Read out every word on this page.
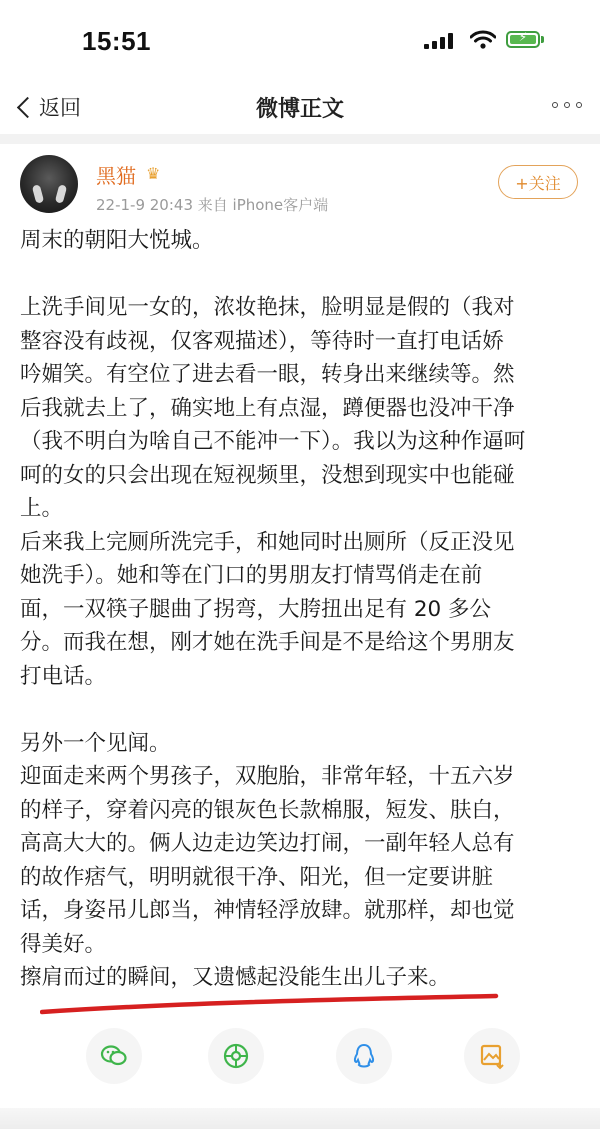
15:51	⚡
返回	微博正文
黑猫 ♛
22-1-9 20:43 来自 iPhone客户端
+关注

周末的朝阳大悦城。

上洗手间见一女的，浓妆艳抹，脸明显是假的（我对

整容没有歧视，仅客观描述），等待时一直打电话娇

吟媚笑。有空位了进去看一眼，转身出来继续等。然

后我就去上了，确实地上有点湿，蹲便器也没冲干净

（我不明白为啥自己不能冲一下）。我以为这种作逼呵

呵的女的只会出现在短视频里，没想到现实中也能碰

上。

后来我上完厕所洗完手，和她同时出厕所（反正没见

她洗手）。她和等在门口的男朋友打情骂俏走在前

面，一双筷子腿曲了拐弯，大胯扭出足有 20 多公

分。而我在想，刚才她在洗手间是不是给这个男朋友

打电话。

另外一个见闻。

迎面走来两个男孩子，双胞胎，非常年轻，十五六岁

的样子，穿着闪亮的银灰色长款棉服，短发、肤白，

高高大大的。俩人边走边笑边打闹，一副年轻人总有

的故作痞气，明明就很干净、阳光，但一定要讲脏

话，身姿吊儿郎当，神情轻浮放肆。就那样，却也觉

得美好。

擦肩而过的瞬间，又遗憾起没能生出儿子来。
